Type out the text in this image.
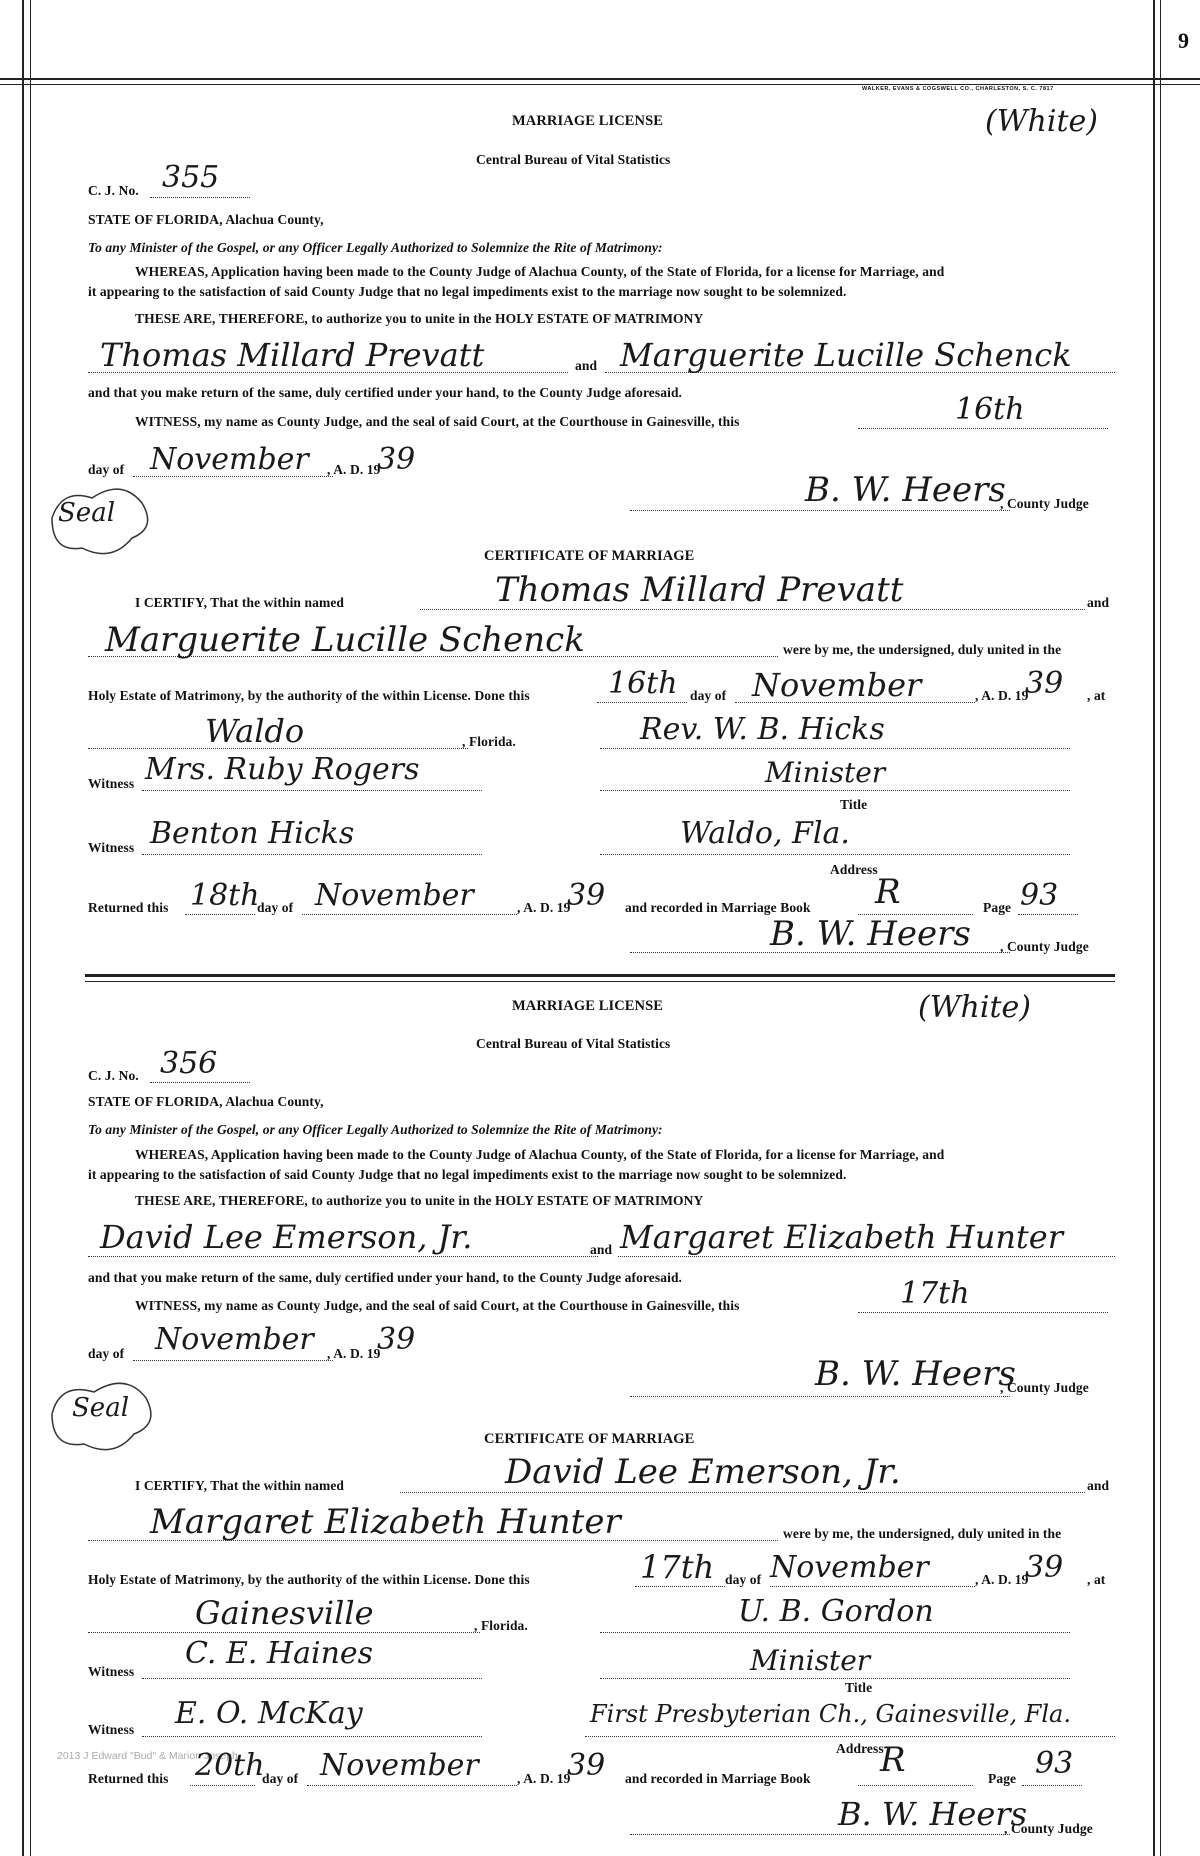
9
WALKER, EVANS & COGSWELL CO., CHARLESTON, S. C. 7817
MARRIAGE LICENSE	(White)
Central Bureau of Vital Statistics
C. J. No. 355
STATE OF FLORIDA, Alachua County,
To any Minister of the Gospel, or any Officer Legally Authorized to Solemnize the Rite of Matrimony:
WHEREAS, Application having been made to the County Judge of Alachua County, of the State of Florida, for a license for Marriage, and
it appearing to the satisfaction of said County Judge that no legal impediments exist to the marriage now sought to be solemnized.
THESE ARE, THEREFORE, to authorize you to unite in the HOLY ESTATE OF MATRIMONY
Thomas Millard Prevatt	and Marguerite Lucille Schenck
and that you make return of the same, duly certified under your hand, to the County Judge aforesaid.
WITNESS, my name as County Judge, and the seal of said Court, at the Courthouse in Gainesville, this	16th
day of November , A. D. 19
39
B. W. Heers
, County Judge
Seal
CERTIFICATE OF MARRIAGE
I CERTIFY, That the within named	Thomas Millard Prevatt	and
Marguerite Lucille Schenck	were by me, the undersigned, duly united in the
Holy Estate of Matrimony, by the authority of the within License. Done this	16th day of November	, A. D. 19
39 , at
Waldo	, Florida.	Rev. W. B. Hicks
Witness Mrs. Ruby Rogers	Minister
Title
Witness Benton Hicks	Waldo, Fla.
Address
Returned this 18th
day of November	, A. D. 19
39 and recorded in Marriage Book R	Page 93
B. W. Heers , County Judge
MARRIAGE LICENSE	(White)
Central Bureau of Vital Statistics
C. J. No. 356
STATE OF FLORIDA, Alachua County,
To any Minister of the Gospel, or any Officer Legally Authorized to Solemnize the Rite of Matrimony:
WHEREAS, Application having been made to the County Judge of Alachua County, of the State of Florida, for a license for Marriage, and
it appearing to the satisfaction of said County Judge that no legal impediments exist to the marriage now sought to be solemnized.
THESE ARE, THEREFORE, to authorize you to unite in the HOLY ESTATE OF MATRIMONY
David Lee Emerson, Jr.	and Margaret Elizabeth Hunter
and that you make return of the same, duly certified under your hand, to the County Judge aforesaid.
WITNESS, my name as County Judge, and the seal of said Court, at the Courthouse in Gainesville, this	17th
day of November , A. D. 19
39
B. W. Heers
, County Judge
Seal
CERTIFICATE OF MARRIAGE
I CERTIFY, That the within named	David Lee Emerson, Jr.	and
Margaret Elizabeth Hunter	were by me, the undersigned, duly united in the
Holy Estate of Matrimony, by the authority of the within License. Done this	17th day of November	, A. D. 19
39 , at
Gainesville	, Florida.	U. B. Gordon
Witness
C. E. Haines	Minister
Title
Witness E. O. McKay	First Presbyterian Ch., Gainesville, Fla.
Address
2013 J Edward "Bud" & Marion Joseph
Returned this 20th
day of November	, A. D. 19
39 and recorded in Marriage Book R	Page 93
B. W. Heers
, County Judge
